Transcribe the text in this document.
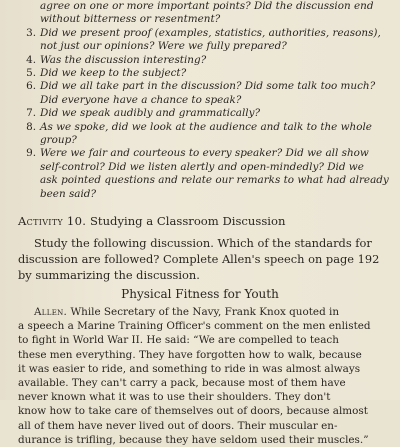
agree on one or more important points? Did the discussion end
without bitterness or resentment?
3. Did we present proof (examples, statistics, authorities, reasons),
not just our opinions? Were we fully prepared?
4. Was the discussion interesting?
5. Did we keep to the subject?
6. Did we all take part in the discussion? Did some talk too much?
Did everyone have a chance to speak?
7. Did we speak audibly and grammatically?
8. As we spoke, did we look at the audience and talk to the whole
group?
9. Were we fair and courteous to every speaker? Did we all show
self-control? Did we listen alertly and open-mindedly? Did we
ask pointed questions and relate our remarks to what had already
been said?
Activity 10. Studying a Classroom Discussion
Study the following discussion. Which of the standards for discussion are followed? Complete Allen's speech on page 192 by summarizing the discussion.
Physical Fitness for Youth
Allen. While Secretary of the Navy, Frank Knox quoted in
a speech a Marine Training Officer's comment on the men enlisted
to fight in World War II. He said: “We are compelled to teach
these men everything. They have forgotten how to walk, because
it was easier to ride, and something to ride in was almost always
available. They can't carry a pack, because most of them have
never known what it was to use their shoulders. They don't
know how to take care of themselves out of doors, because almost
all of them have never lived out of doors. Their muscular en-
durance is trifling, because they have seldom used their muscles.”
